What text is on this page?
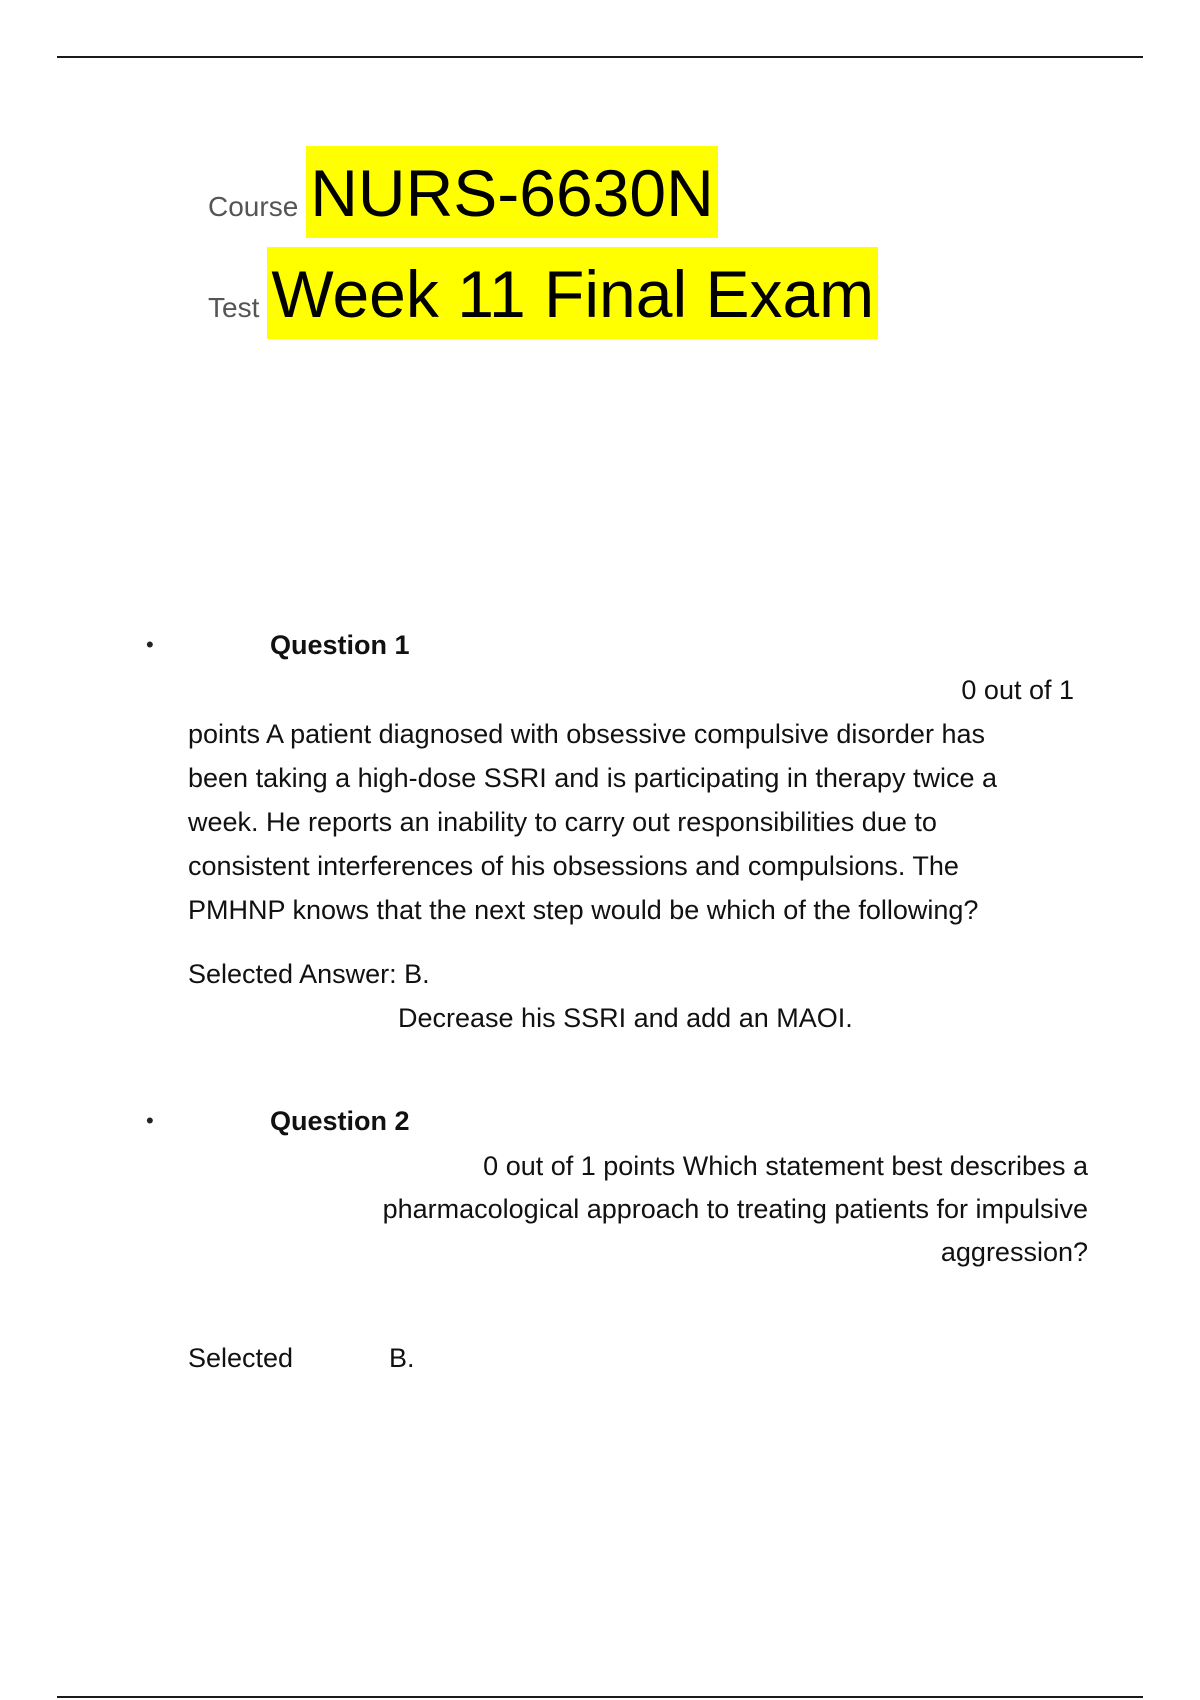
Course NURS-6630N
Test Week 11 Final Exam
•	Question 1
0 out of 1
points A patient diagnosed with obsessive compulsive disorder has
been taking a high-dose SSRI and is participating in therapy twice a
week. He reports an inability to carry out responsibilities due to
consistent interferences of his obsessions and compulsions. The
PMHNP knows that the next step would be which of the following?
Selected Answer: B.
Decrease his SSRI and add an MAOI.
•	Question 2
0 out of 1 points Which statement best describes a
pharmacological approach to treating patients for impulsive
aggression?
Selected	B.
